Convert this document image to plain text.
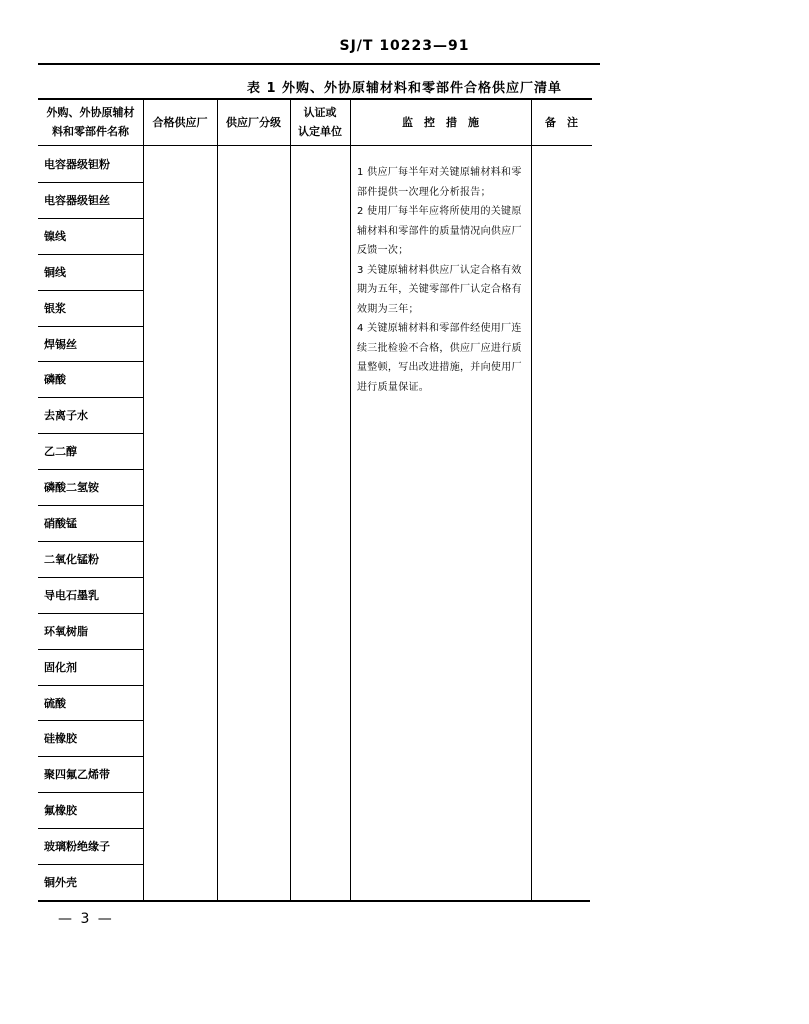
SJ/T 10223—91
表 1 外购、外协原辅材料和零部件合格供应厂清单
外购、外协原辅材
料和零部件名称
合格供应厂	供应厂分级
认证或
认定单位
监　控　措　施	备　注
电容器级钽粉
电容器级钽丝
镍线
铜线
银浆
焊锡丝
磷酸
去离子水
乙二醇
磷酸二氢铵
硝酸锰
二氧化锰粉
导电石墨乳
环氧树脂
固化剂
硫酸
硅橡胶
聚四氟乙烯带
氟橡胶
玻璃粉绝缘子
铜外壳

1 供应厂每半年对关键原辅材料和零部件提供一次理化分析报告；

2 使用厂每半年应将所使用的关键原辅材料和零部件的质量情况向供应厂反馈一次；

3 关键原辅材料供应厂认定合格有效期为五年，关键零部件厂认定合格有效期为三年；

4 关键原辅材料和零部件经使用厂连续三批检验不合格，供应厂应进行质量整顿，写出改进措施，并向使用厂进行质量保证。

— 3 —
